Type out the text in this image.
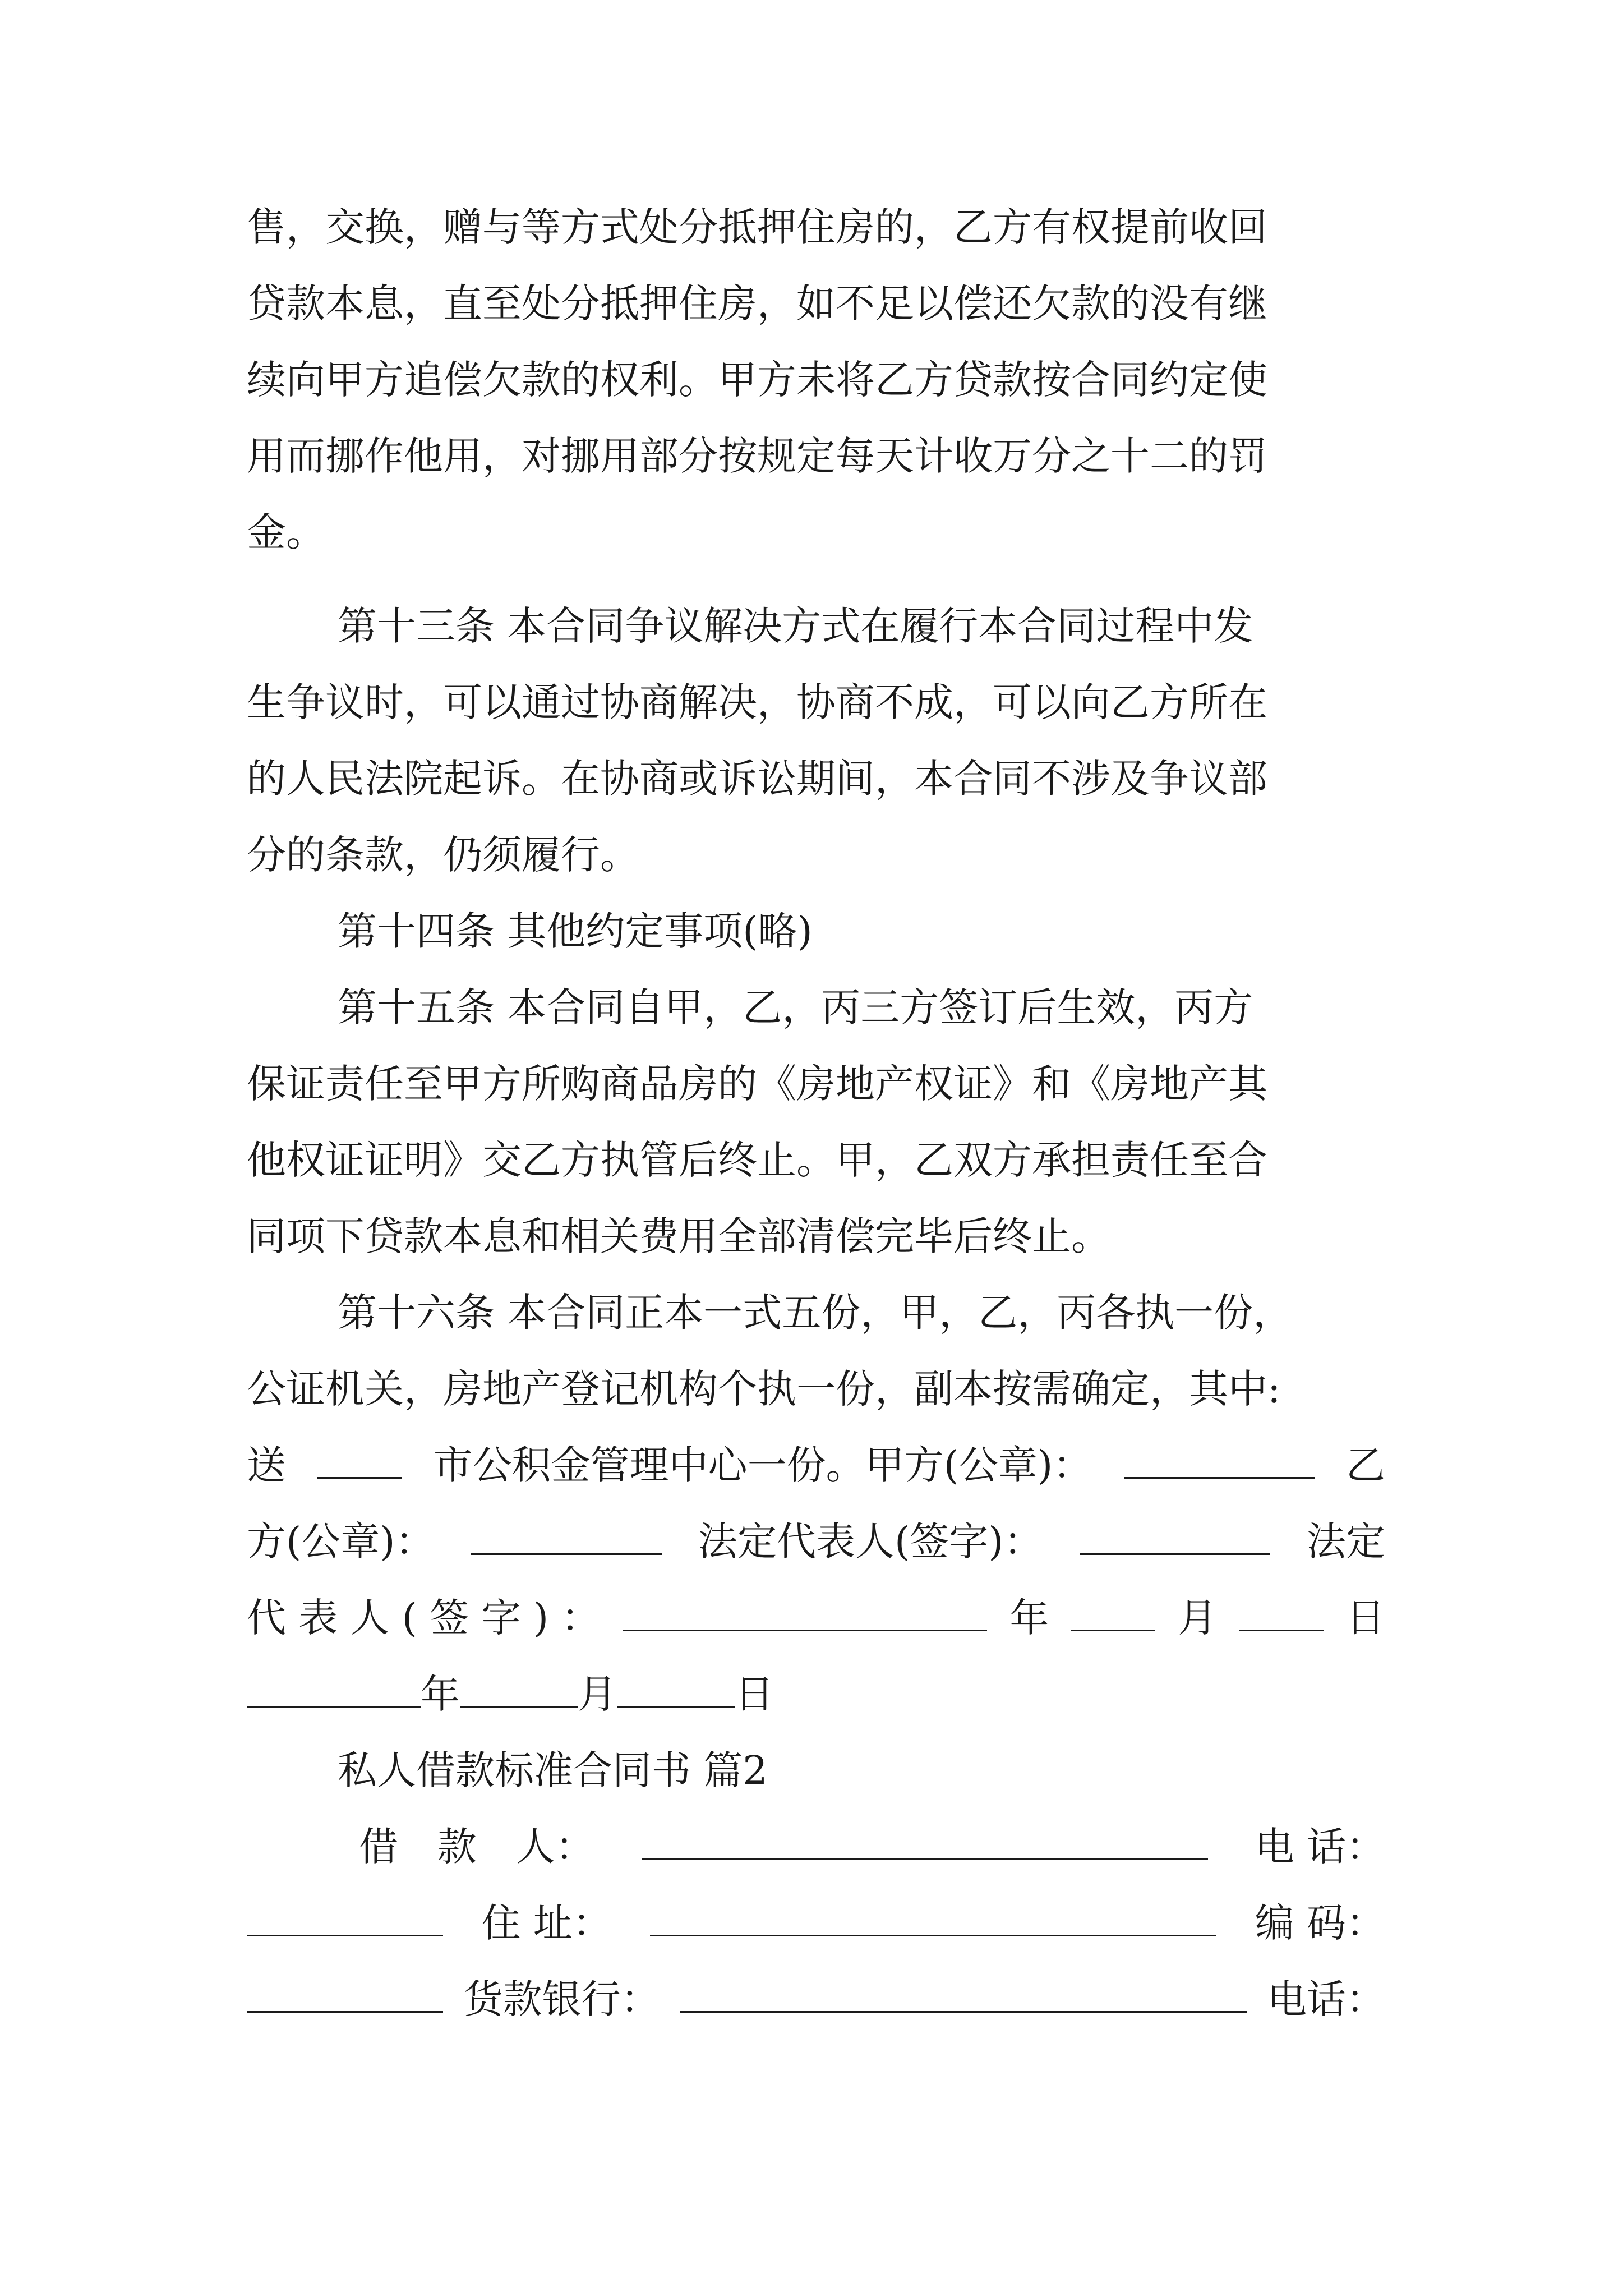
售，交换，赠与等方式处分抵押住房的，乙方有权提前收回
贷款本息，直至处分抵押住房，如不足以偿还欠款的没有继
续向甲方追偿欠款的权利。甲方未将乙方贷款按合同约定使
用而挪作他用，对挪用部分按规定每天计收万分之十二的罚
金。
第十三条 本合同争议解决方式在履行本合同过程中发
生争议时，可以通过协商解决，协商不成，可以向乙方所在
的人民法院起诉。在协商或诉讼期间，本合同不涉及争议部
分的条款，仍须履行。
第十四条 其他约定事项(略)
第十五条 本合同自甲，乙，丙三方签订后生效，丙方
保证责任至甲方所购商品房的《房地产权证》和《房地产其
他权证证明》交乙方执管后终止。甲，乙双方承担责任至合
同项下贷款本息和相关费用全部清偿完毕后终止。
第十六条 本合同正本一式五份，甲，乙，丙各执一份，
公证机关，房地产登记机构个执一份，副本按需确定，其中:
送	市公积金管理中心一份。甲方(公章)：	乙
方(公章)：	法定代表人(签字)：	法定
代 表 人 ( 签 字 ) ：	年	月	日
年	月	日
私人借款标准合同书 篇2
借　款　人：	电 话：
住 址：	编 码：
货款银行：	电话：
